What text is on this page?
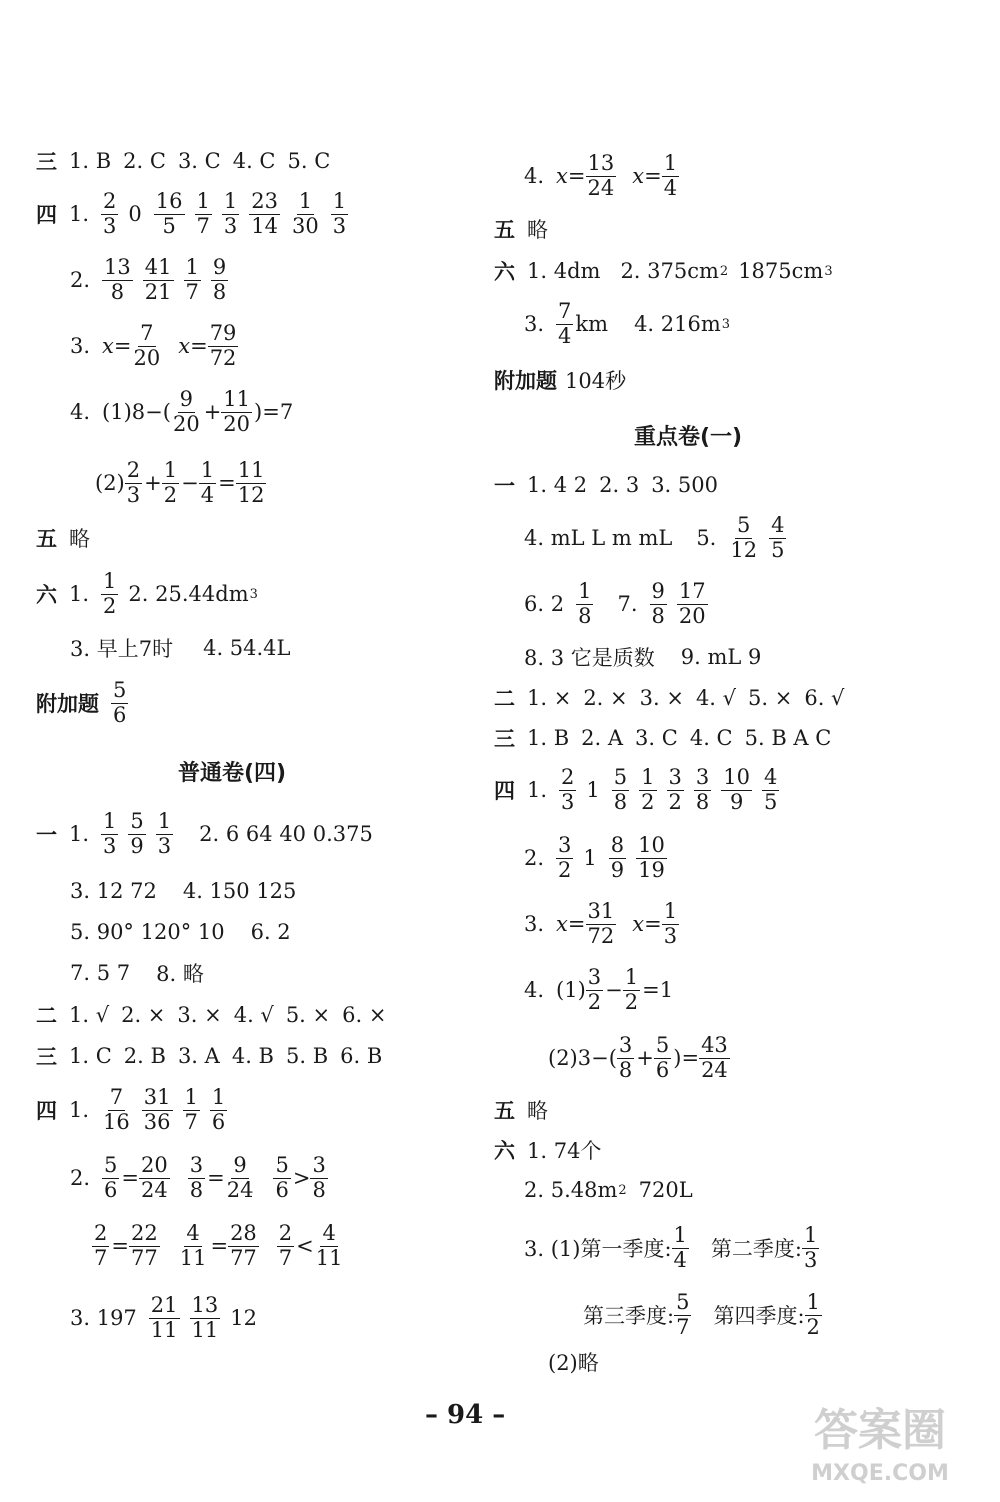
三 1. B 2. C 3. C 4. C 5. C
四 1.
2
3 0
16
5
1
7
1
3
23
14
1
30
1
3
2.
13
8
41
21
1
7
9
8
3. $x= \frac{7}{20} x= \frac{79}{72}$
4. (1)8−(
9
$20 + \frac{11}{20} )=7$
(2)
2
$3 + \frac{1}{2} - \frac{1}{4} = \frac{11}{12}$
五 略
六 1.
1
2 2. 25.44dm 3
3. 早上7时 4. 54.4L
附加题
5
6
普通卷(四)
一 1.
1
3
5
9
1
3 2. 6 64 40 0.375
3. 12 72 4. 150 125
5. 90° 120° 10 6. 2
7. 5 7 8. 略
二 1. √ 2. × 3. × 4. √ 5. × 6. ×
三 1. C 2. B 3. A 4. B 5. B 6. B
四 1.
7
16
31
36
1
7
1
6
2. $\frac{5}{6} = \frac{20}{24} \frac{3}{8} = \frac{9}{24} 5$
6 >
3
8
$\frac{2}{7} = \frac{22}{77} \frac{4}{11} = \frac{28}{77} 2$
7 <
4
11
3. 197
21
11
13
11 12
4. $x= \frac{13}{24} x= \frac{1}{4}$
五 略
六 1. 4dm 2. 375cm 2 1875cm 3
3.
7
4 km 4. 216m 3
附加题 104秒
重点卷(一)
一 1. 4 2 2. 3 3. 500
4. mL L m mL 5.
5
12
4
5
6. 2
1
8 7.
9
8
17
20
8. 3 它是质数 9. mL 9
二 1. × 2. × 3. × 4. √ 5. × 6. √
三 1. B 2. A 3. C 4. C 5. B A C
四 1.
2
3 1
5
8
1
2
3
2
3
8
10
9
4
5
2.
3
2 1
8
9
10
19
3. $x= \frac{31}{72} x= \frac{1}{3}$
4. (1)
3
$2 - \frac{1}{2} =1$
(2)3−(
3
$8 + \frac{5}{6}$ )= $\frac{43}{24}$
五 略
六 1. 74个
2. 5.48m 2 720L
3. (1)第一季度:
1
4 第二季度:
1
3
第三季度:
5
7 第四季度:
1
2
(2)略
– 94 –	答案圈
MXQE.COM
